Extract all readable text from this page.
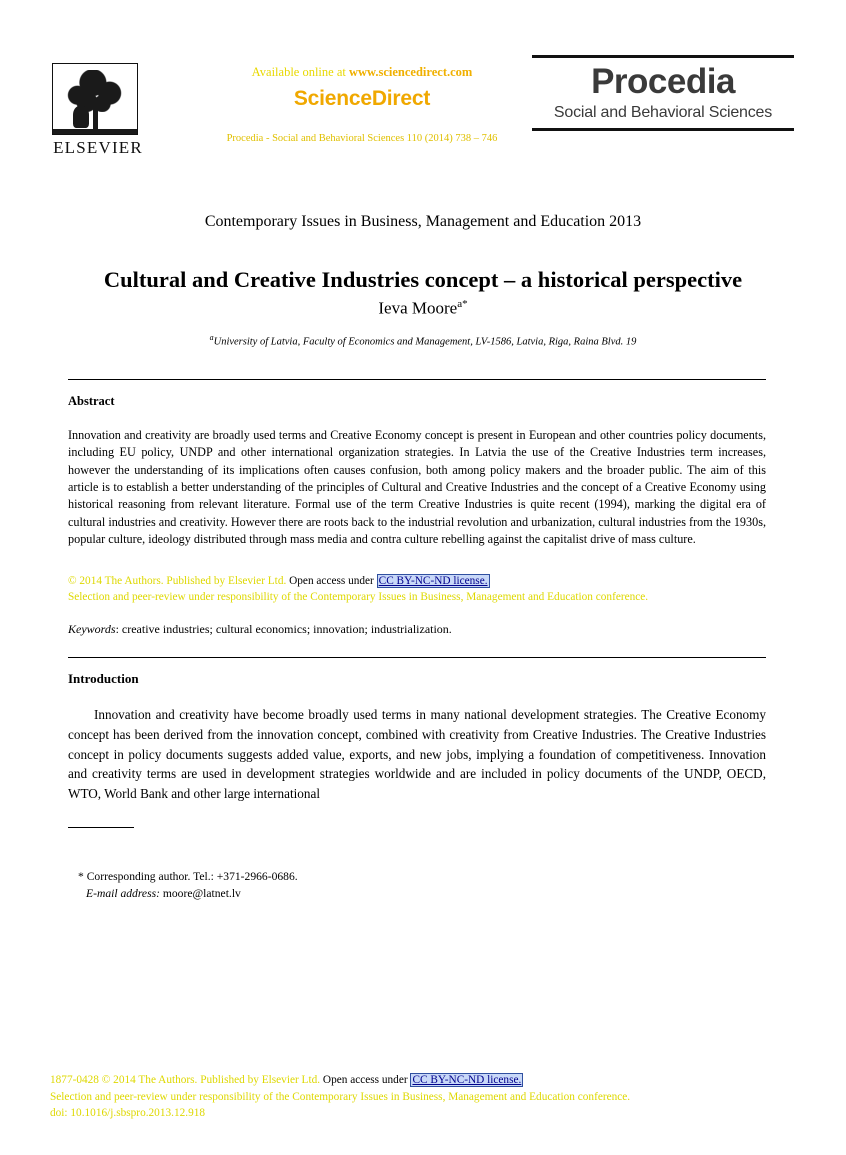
ELSEVIER
Available online at www.sciencedirect.com
ScienceDirect
Procedia - Social and Behavioral Sciences 110 (2014) 738 – 746
Procedia
Social and Behavioral Sciences
Contemporary Issues in Business, Management and Education 2013
Cultural and Creative Industries concept – a historical perspective
Ieva Moore$^{a*}$
$^a$University of Latvia, Faculty of Economics and Management, LV-1586, Latvia, Riga, Raina Blvd. 19
Abstract
Innovation and creativity are broadly used terms and Creative Economy concept is present in European and other countries policy documents, including EU policy, UNDP and other international organization strategies. In Latvia the use of the Creative Industries term increases, however the understanding of its implications often causes confusion, both among policy makers and the broader public. The aim of this article is to establish a better understanding of the principles of Cultural and Creative Industries and the concept of a Creative Economy using historical reasoning from relevant literature. Formal use of the term Creative Industries is quite recent (1994), marking the digital era of cultural industries and creativity. However there are roots back to the industrial revolution and urbanization, cultural industries from the 1930s, popular culture, ideology distributed through mass media and contra culture rebelling against the capitalist drive of mass culture.
© 2014 The Authors. Published by Elsevier Ltd. Open access under CC BY-NC-ND license.
Selection and peer-review under responsibility of the Contemporary Issues in Business, Management and Education conference.
Keywords: creative industries; cultural economics; innovation; industrialization.
Introduction
Innovation and creativity have become broadly used terms in many national development strategies. The Creative Economy concept has been derived from the innovation concept, combined with creativity from Creative Industries. The Creative Industries concept in policy documents suggests added value, exports, and new jobs, implying a foundation of competitiveness. Innovation and creativity terms are used in development strategies worldwide and are included in policy documents of the UNDP, OECD, WTO, World Bank and other large international
* Corresponding author. Tel.: +371-2966-0686.
E-mail address: moore@latnet.lv
1877-0428 © 2014 The Authors. Published by Elsevier Ltd. Open access under CC BY-NC-ND license.
Selection and peer-review under responsibility of the Contemporary Issues in Business, Management and Education conference.
doi: 10.1016/j.sbspro.2013.12.918
